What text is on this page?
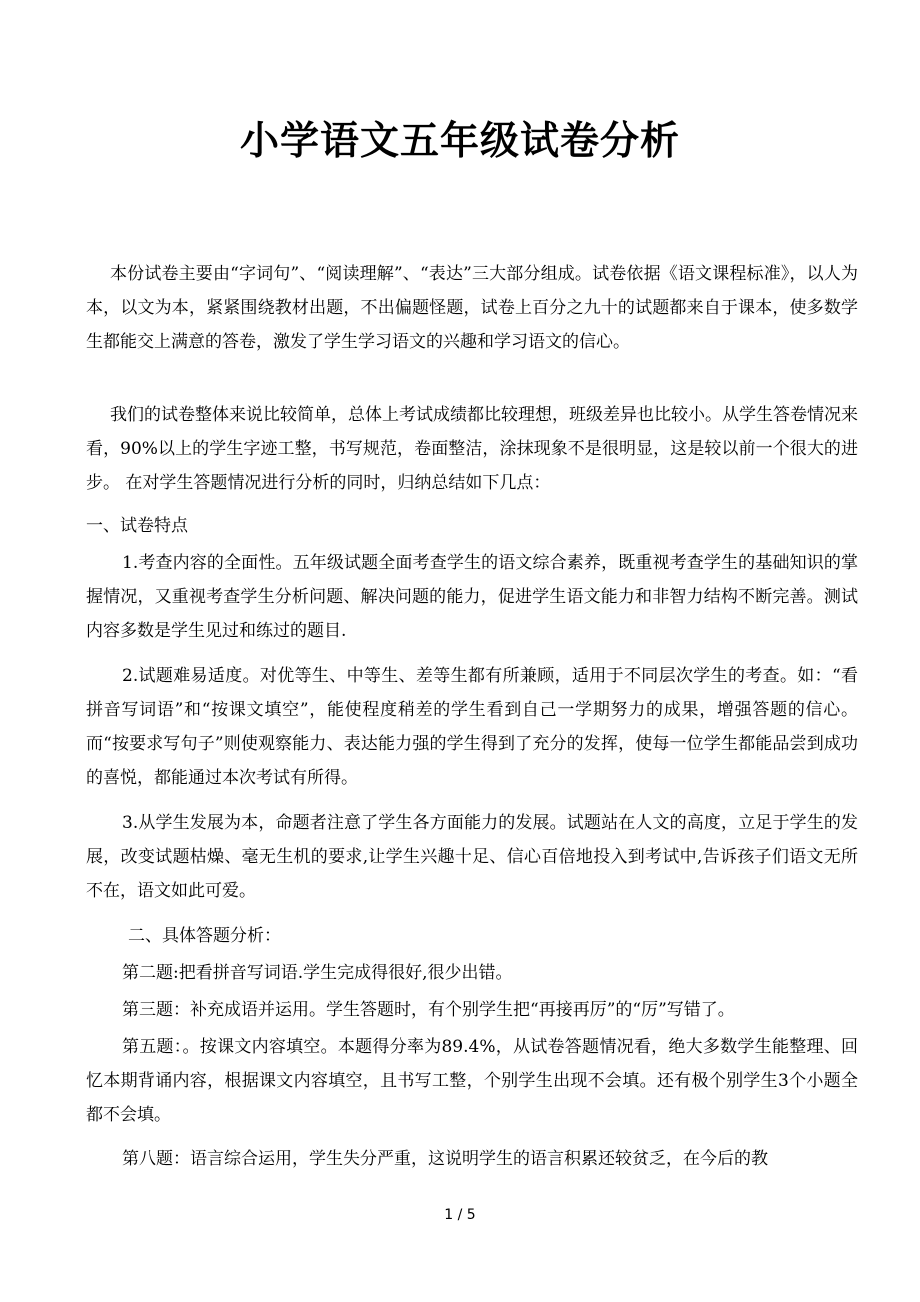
小学语文五年级试卷分析

本份试卷主要由“字词句”、“阅读理解”、“表达”三大部分组成。试卷依据《语文课程标准》，以人为本，以文为本，紧紧围绕教材出题，不出偏题怪题，试卷上百分之九十的试题都来自于课本，使多数学生都能交上满意的答卷，激发了学生学习语文的兴趣和学习语文的信心。

我们的试卷整体来说比较简单，总体上考试成绩都比较理想，班级差异也比较小。从学生答卷情况来看，90%以上的学生字迹工整，书写规范，卷面整洁，涂抹现象不是很明显，这是较以前一个很大的进步。 在对学生答题情况进行分析的同时，归纳总结如下几点：

一、试卷特点

1.考查内容的全面性。五年级试题全面考查学生的语文综合素养，既重视考查学生的基础知识的掌握情况，又重视考查学生分析问题、解决问题的能力，促进学生语文能力和非智力结构不断完善。测试内容多数是学生见过和练过的题目.

2.试题难易适度。对优等生、中等生、差等生都有所兼顾，适用于不同层次学生的考查。如：“看拼音写词语”和“按课文填空”，能使程度稍差的学生看到自己一学期努力的成果，增强答题的信心。而“按要求写句子”则使观察能力、表达能力强的学生得到了充分的发挥，使每一位学生都能品尝到成功的喜悦，都能通过本次考试有所得。

3.从学生发展为本，命题者注意了学生各方面能力的发展。试题站在人文的高度，立足于学生的发展，改变试题枯燥、毫无生机的要求,让学生兴趣十足、信心百倍地投入到考试中,告诉孩子们语文无所不在，语文如此可爱。

二、具体答题分析：

第二题:把看拼音写词语.学生完成得很好,很少出错。

第三题：补充成语并运用。学生答题时，有个别学生把“再接再厉”的“厉”写错了。

第五题：。按课文内容填空。本题得分率为89.4%，从试卷答题情况看，绝大多数学生能整理、回忆本期背诵内容，根据课文内容填空，且书写工整，个别学生出现不会填。还有极个别学生3个小题全都不会填。

第八题：语言综合运用，学生失分严重，这说明学生的语言积累还较贫乏，在今后的教

1 / 5
